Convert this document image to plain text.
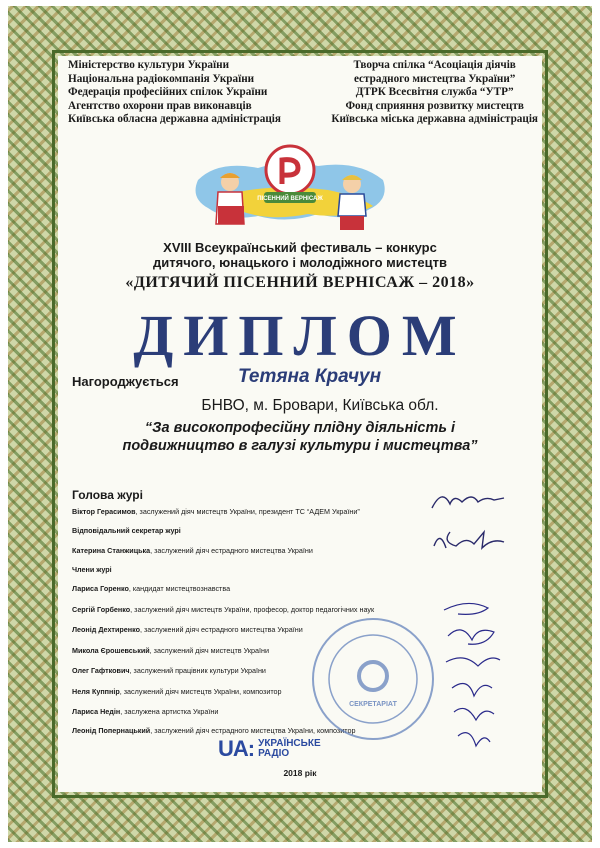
Міністерство культури України
Національна радіокомпанія України
Федерація професійних спілок України
Агентство охорони прав виконавців
Київська обласна державна адміністрація
Творча спілка “Асоціація діячів
естрадного мистецтва України”
ДТРК Всесвітня служба “УТР”
Фонд сприяння розвитку мистецтв
Київська міська державна адміністрація
ПІСЕННИЙ ВЕРНІСАЖ
XVIII Всеукраїнський фестиваль – конкурс
дитячого, юнацького і молодіжного мистецтв
«ДИТЯЧИЙ ПІСЕННИЙ ВЕРНІСАЖ – 2018»
ДИПЛОМ
Нагороджується	Тетяна Крачун
БНВО, м. Бровари, Київська обл.
“За високопрофесійну плідну діяльність і
подвижництво в галузі культури і мистецтва”
Голова журі
Віктор Герасимов, заслужений діяч мистецтв України, президент ТС “АДЕМ України”
Відповідальний секретар журі
Катерина Станжицька, заслужений діяч естрадного мистецтва України
Члени журі
Лариса Горенко, кандидат мистецтвознавства
Сергій Горбенко, заслужений діяч мистецтв України, професор, доктор педагогічних наук
Леонід Дехтиренко, заслужений діяч естрадного мистецтва України
Микола Єрошевський, заслужений діяч мистецтв України
Олег Гафткович, заслужений працівник культури України
Неля Куппнір, заслужений діяч мистецтв України, композитор
Лариса Недін, заслужена артистка України
Леонід Попернацький, заслужений діяч естрадного мистецтва України, композитор
СЕКРЕТАРІАТ
UA: УКРАЇНСЬКЕ
РАДІО
2018 рік
